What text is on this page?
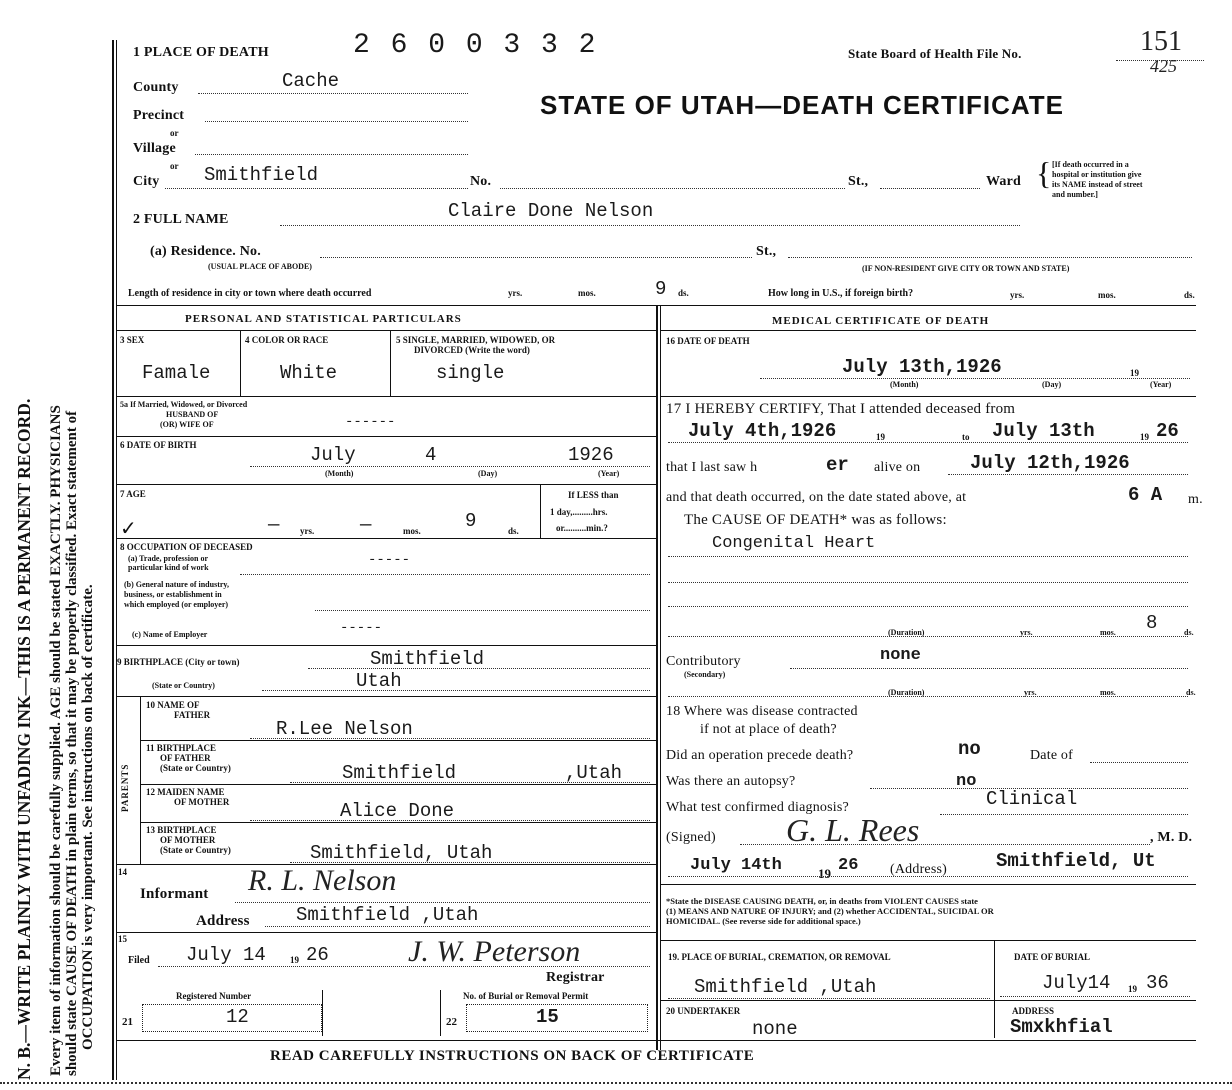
N. B.—WRITE PLAINLY WITH UNFADING INK—THIS IS A PERMANENT RECORD. Every item of information should be carefully supplied. AGE should be stated EXACTLY. PHYSICIANS should state CAUSE OF DEATH in plain terms, so that it may be properly classified. Exact statement of OCCUPATION is very important. See instructions on back of certificate.
1 PLACE OF DEATH	2 6 0 0 3 3 2	State Board of Health File No.	151
425
STATE OF UTAH—DEATH CERTIFICATE
County	Cache
Precinct
or
Village
or
City Smithfield	No.	St.,	Ward { [If death occurred in a
hospital or institution give
its NAME instead of street
and number.]
2 FULL NAME	Claire Done Nelson
(a) Residence. No.
(USUAL PLACE OF ABODE)
St.,
(IF NON-RESIDENT GIVE CITY OR TOWN AND STATE)
Length of residence in city or town where death occurred	yrs.	mos.	9 ds.	How long in U.S., if foreign birth?	yrs.	mos.	ds.
PERSONAL AND STATISTICAL PARTICULARS
3 SEX
Famale
4 COLOR OR RACE
White
5 SINGLE, MARRIED, WIDOWED, OR
DIVORCED (Write the word)
single
5a If Married, Widowed, or Divorced
HUSBAND OF
(OR) WIFE OF	------
6 DATE OF BIRTH	July	4	1926
(Month)	(Day)	(Year)
7 AGE
✓	— yrs. —	mos. 9	ds.
If LESS than
1 day,.........hrs.
or..........min.?
8 OCCUPATION OF DECEASED
(a) Trade, profession or
particular kind of work	-----
(b) General nature of industry,
business, or establishment in
which employed (or employer)
(c) Name of Employer	-----
9 BIRTHPLACE (City or town)	Smithfield
(State or Country)	Utah
PARENTS
10 NAME OF
FATHER
R.Lee Nelson
11 BIRTHPLACE
OF FATHER
(State or Country)	Smithfield	,Utah
12 MAIDEN NAME
OF MOTHER	Alice Done
13 BIRTHPLACE
OF MOTHER
(State or Country)	Smithfield, Utah
14
Informant R. L. Nelson
Address Smithfield ,Utah
15
Filed July 14	19 26	J. W. Peterson
Registrar
Registered Number	No. of Burial or Removal Permit
21	12	22	15
MEDICAL CERTIFICATE OF DEATH
16 DATE OF DEATH
July 13th,1926	19
(Month)	(Day)	(Year)
17 I HEREBY CERTIFY, That I attended deceased from
July 4th,1926	19	to July 13th	19 26
that I last saw h	er alive on	July 12th,1926
and that death occurred, on the date stated above, at	6 A m.
The CAUSE OF DEATH* was as follows:
Congenital Heart
(Duration)	yrs.	mos. 8	ds.
Contributory
(Secondary)
none
(Duration)	yrs.	mos.	ds.
18 Where was disease contracted
if not at place of death?
Did an operation precede death?	no	Date of
Was there an autopsy?	no
What test confirmed diagnosis?	Clinical
(Signed) G. L. Rees	, M. D.
July 14th	19 26 (Address)	Smithfield, Ut
*State the DISEASE CAUSING DEATH, or, in deaths from VIOLENT CAUSES state
(1) MEANS AND NATURE OF INJURY; and (2) whether ACCIDENTAL, SUICIDAL OR
HOMICIDAL. (See reverse side for additional space.)
19. PLACE OF BURIAL, CREMATION, OR REMOVAL
Smithfield ,Utah
DATE OF BURIAL
July14 19 36
20 UNDERTAKER
none
ADDRESS
Smxkhfial
READ CAREFULLY INSTRUCTIONS ON BACK OF CERTIFICATE
